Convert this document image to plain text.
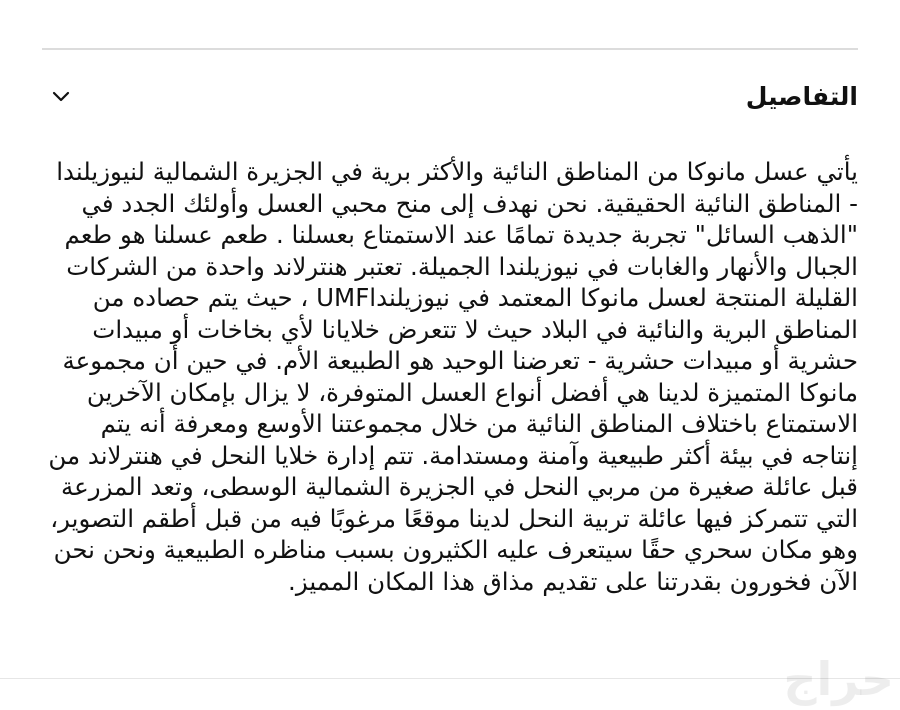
التفاصيل

يأتي عسل مانوكا من المناطق النائية والأكثر برية في الجزيرة الشمالية لنيوزيلندا - المناطق النائية الحقيقية. نحن نهدف إلى منح محبي العسل وأولئك الجدد في "الذهب السائل" تجربة جديدة تمامًا عند الاستمتاع بعسلنا . طعم عسلنا هو طعم الجبال والأنهار والغابات في نيوزيلندا الجميلة. تعتبر هنترلاند واحدة من الشركات القليلة المنتجة لعسل مانوكا المعتمد في نيوزيلنداUMF ، حيث يتم حصاده من المناطق البرية والنائية في البلاد حيث لا تتعرض خلايانا لأي بخاخات أو مبيدات حشرية أو مبيدات حشرية - تعرضنا الوحيد هو الطبيعة الأم. في حين أن مجموعة مانوكا المتميزة لدينا هي أفضل أنواع العسل المتوفرة، لا يزال بإمكان الآخرين الاستمتاع باختلاف المناطق النائية من خلال مجموعتنا الأوسع ومعرفة أنه يتم إنتاجه في بيئة أكثر طبيعية وآمنة ومستدامة. تتم إدارة خلايا النحل في هنترلاند من قبل عائلة صغيرة من مربي النحل في الجزيرة الشمالية الوسطى، وتعد المزرعة التي تتمركز فيها عائلة تربية النحل لدينا موقعًا مرغوبًا فيه من قبل أطقم التصوير، وهو مكان سحري حقًا سيتعرف عليه الكثيرون بسبب مناظره الطبيعية ونحن نحن الآن فخورون بقدرتنا على تقديم مذاق هذا المكان المميز.

حراج
